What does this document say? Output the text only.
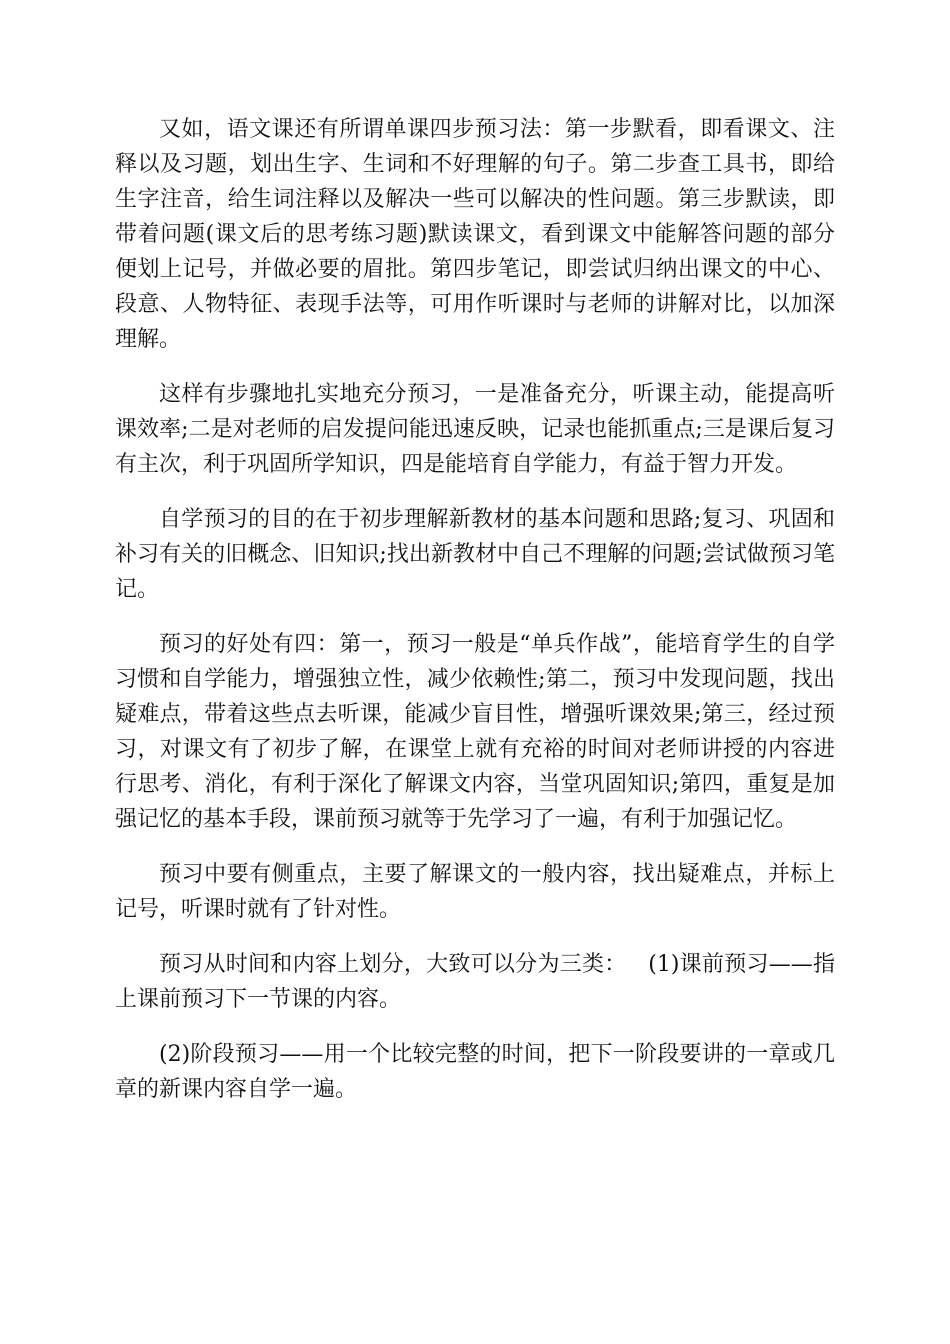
又如，语文课还有所谓单课四步预习法：第一步默看，即看课文、注释以及习题，划出生字、生词和不好理解的句子。第二步查工具书，即给生字注音，给生词注释以及解决一些可以解决的性问题。第三步默读，即带着问题(课文后的思考练习题)默读课文，看到课文中能解答问题的部分便划上记号，并做必要的眉批。第四步笔记，即尝试归纳出课文的中心、段意、人物特征、表现手法等，可用作听课时与老师的讲解对比，以加深理解。

这样有步骤地扎实地充分预习，一是准备充分，听课主动，能提高听课效率;二是对老师的启发提问能迅速反映，记录也能抓重点;三是课后复习有主次，利于巩固所学知识，四是能培育自学能力，有益于智力开发。

自学预习的目的在于初步理解新教材的基本问题和思路;复习、巩固和补习有关的旧概念、旧知识;找出新教材中自己不理解的问题;尝试做预习笔记。

预习的好处有四：第一，预习一般是“单兵作战”，能培育学生的自学习惯和自学能力，增强独立性，减少依赖性;第二，预习中发现问题，找出疑难点，带着这些点去听课，能减少盲目性，增强听课效果;第三，经过预习，对课文有了初步了解，在课堂上就有充裕的时间对老师讲授的内容进行思考、消化，有利于深化了解课文内容，当堂巩固知识;第四，重复是加强记忆的基本手段，课前预习就等于先学习了一遍，有利于加强记忆。

预习中要有侧重点，主要了解课文的一般内容，找出疑难点，并标上记号，听课时就有了针对性。

预习从时间和内容上划分，大致可以分为三类：   (1)课前预习——指上课前预习下一节课的内容。

(2)阶段预习——用一个比较完整的时间，把下一阶段要讲的一章或几章的新课内容自学一遍。
